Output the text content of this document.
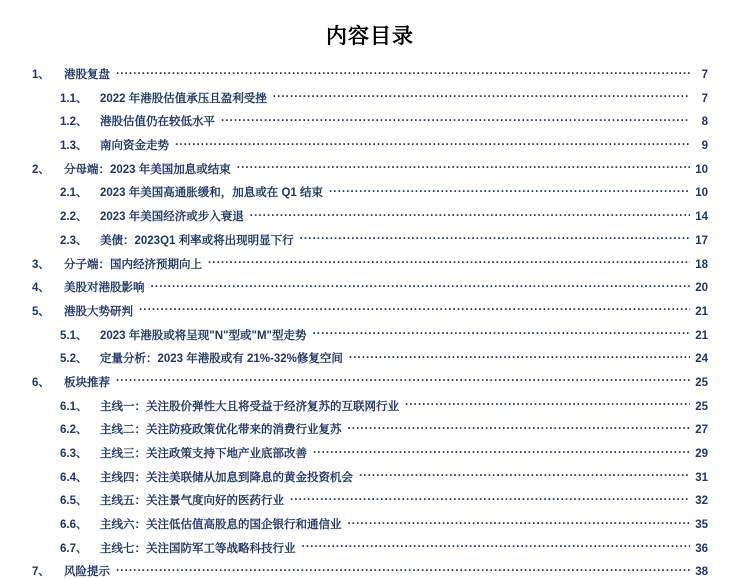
内容目录
1、	港股复盘 .....	7
1.1、	2022 年港股估值承压且盈利受挫 .....	7
1.2、	港股估值仍在较低水平 .....	8
1.3、	南向资金走势 .....	9
2、	分母端：2023 年美国加息或结束 .....	10
2.1、	2023 年美国高通胀缓和，加息或在 Q1 结束 .....	10
2.2、	2023 年美国经济或步入衰退 .....	14
2.3、	美债：2023Q1 利率或将出现明显下行 .....	17
3、	分子端：国内经济预期向上 .....	18
4、	美股对港股影响 .....	20
5、	港股大势研判 .....	21
5.1、	2023 年港股或将呈现"N"型或"M"型走势 .....	21
5.2、	定量分析：2023 年港股或有 21%-32%修复空间 .....	24
6、	板块推荐 .....	25
6.1、	主线一：关注股价弹性大且将受益于经济复苏的互联网行业 .....	25
6.2、	主线二：关注防疫政策优化带来的消费行业复苏 .....	27
6.3、	主线三：关注政策支持下地产业底部改善 .....	29
6.4、	主线四：关注美联储从加息到降息的黄金投资机会 .....	31
6.5、	主线五：关注景气度向好的医药行业 .....	32
6.6、	主线六：关注低估值高股息的国企银行和通信业 .....	35
6.7、	主线七：关注国防军工等战略科技行业 .....	36
7、	风险提示 .....	38
